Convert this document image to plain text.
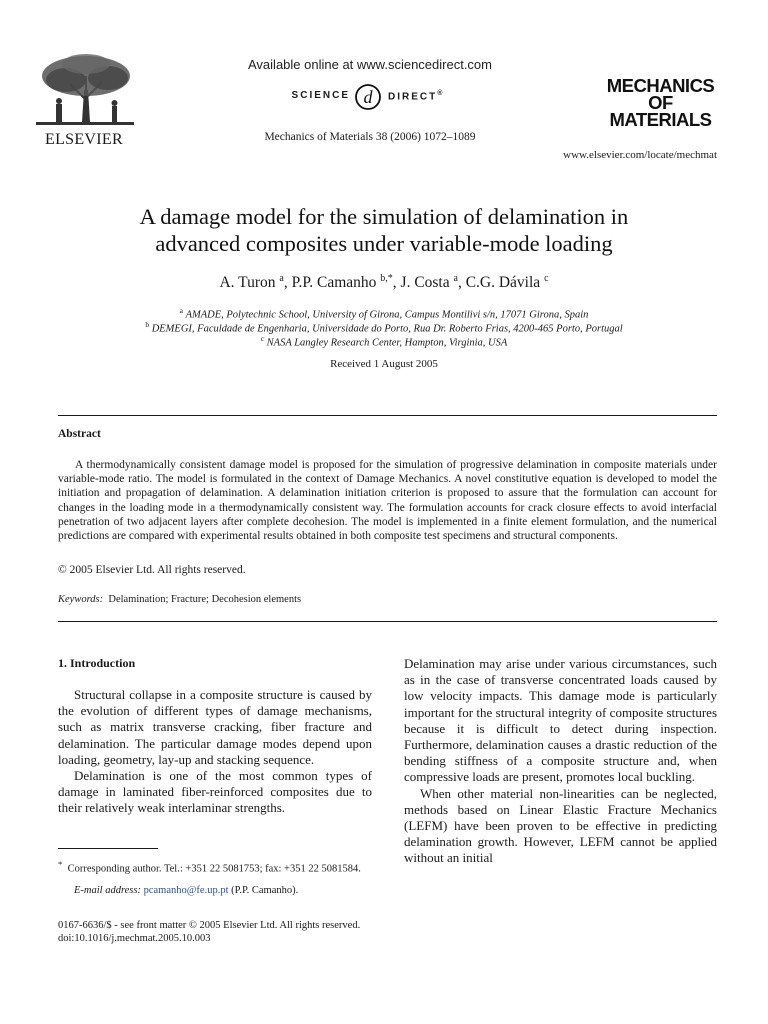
ELSEVIER
Available online at www.sciencedirect.com
SCIENCE d DIRECT®
Mechanics of Materials 38 (2006) 1072–1089
MECHANICS
OF
MATERIALS
www.elsevier.com/locate/mechmat
A damage model for the simulation of delamination in
advanced composites under variable-mode loading
A. Turon $^a$, P.P. Camanho $^{b,*}$, J. Costa $^a$, C.G. Dávila $^c$
$^a$ AMADE, Polytechnic School, University of Girona, Campus Montilivi s/n, 17071 Girona, Spain
$^b$ DEMEGI, Faculdade de Engenharia, Universidade do Porto, Rua Dr. Roberto Frias, 4200-465 Porto, Portugal
$^c$ NASA Langley Research Center, Hampton, Virginia, USA
Received 1 August 2005
Abstract

A thermodynamically consistent damage model is proposed for the simulation of progressive delamination in composite materials under variable-mode ratio. The model is formulated in the context of Damage Mechanics. A novel constitutive equation is developed to model the initiation and propagation of delamination. A delamination initiation criterion is proposed to assure that the formulation can account for changes in the loading mode in a thermodynamically consistent way. The formulation accounts for crack closure effects to avoid interfacial penetration of two adjacent layers after complete decohesion. The model is implemented in a finite element formulation, and the numerical predictions are compared with experimental results obtained in both composite test specimens and structural components.

© 2005 Elsevier Ltd. All rights reserved.
Keywords: Delamination; Fracture; Decohesion elements
1. Introduction

Structural collapse in a composite structure is caused by the evolution of different types of damage mechanisms, such as matrix transverse cracking, fiber fracture and delamination. The particular damage modes depend upon loading, geometry, lay-up and stacking sequence.

Delamination is one of the most common types of damage in laminated fiber-reinforced composites due to their relatively weak interlaminar strengths.

Delamination may arise under various circumstances, such as in the case of transverse concentrated loads caused by low velocity impacts. This damage mode is particularly important for the structural integrity of composite structures because it is difficult to detect during inspection. Furthermore, delamination causes a drastic reduction of the bending stiffness of a composite structure and, when compressive loads are present, promotes local buckling.

When other material non-linearities can be neglected, methods based on Linear Elastic Fracture Mechanics (LEFM) have been proven to be effective in predicting delamination growth. However, LEFM cannot be applied without an initial

* Corresponding author. Tel.: +351 22 5081753; fax: +351 22 5081584.
E-mail address: pcamanho@fe.up.pt (P.P. Camanho).
0167-6636/$ - see front matter © 2005 Elsevier Ltd. All rights reserved.
doi:10.1016/j.mechmat.2005.10.003
